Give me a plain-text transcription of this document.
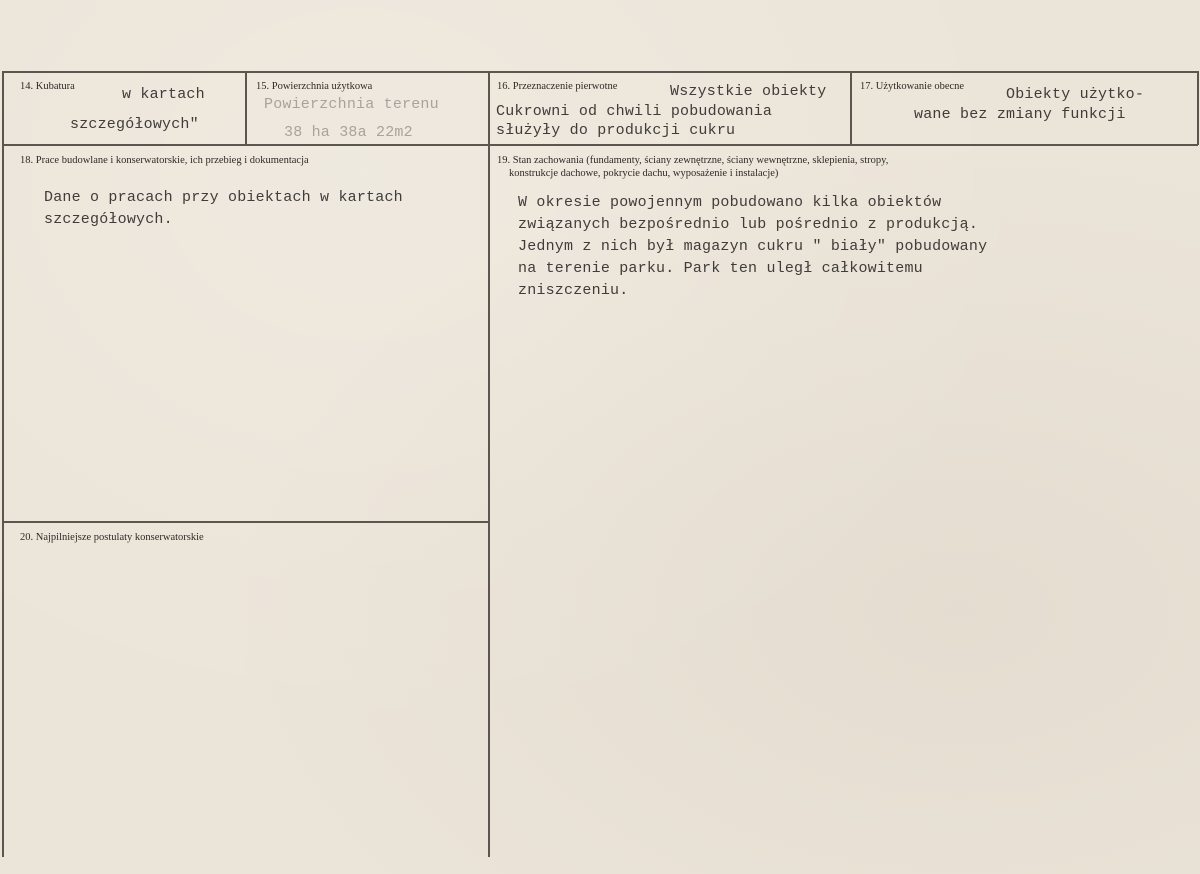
14. Kubatura	w kartach
szczegółowych"
15. Powierzchnia użytkowa
Powierzchnia terenu
38 ha 38a 22m2
16. Przeznaczenie pierwotne	Wszystkie obiekty
Cukrowni od chwili pobudowania
służyły do produkcji cukru
17. Użytkowanie obecne	Obiekty użytko-
wane bez zmiany funkcji
18. Prace budowlane i konserwatorskie, ich przebieg i dokumentacja
Dane o pracach przy obiektach w kartach
szczegółowych.
19. Stan zachowania (fundamenty, ściany zewnętrzne, ściany wewnętrzne, sklepienia, stropy,
konstrukcje dachowe, pokrycie dachu, wyposażenie i instalacje)
W okresie powojennym pobudowano kilka obiektów
związanych bezpośrednio lub pośrednio z produkcją.
Jednym z nich był magazyn cukru " biały" pobudowany
na terenie parku. Park ten uległ całkowitemu
zniszczeniu.
20. Najpilniejsze postulaty konserwatorskie
